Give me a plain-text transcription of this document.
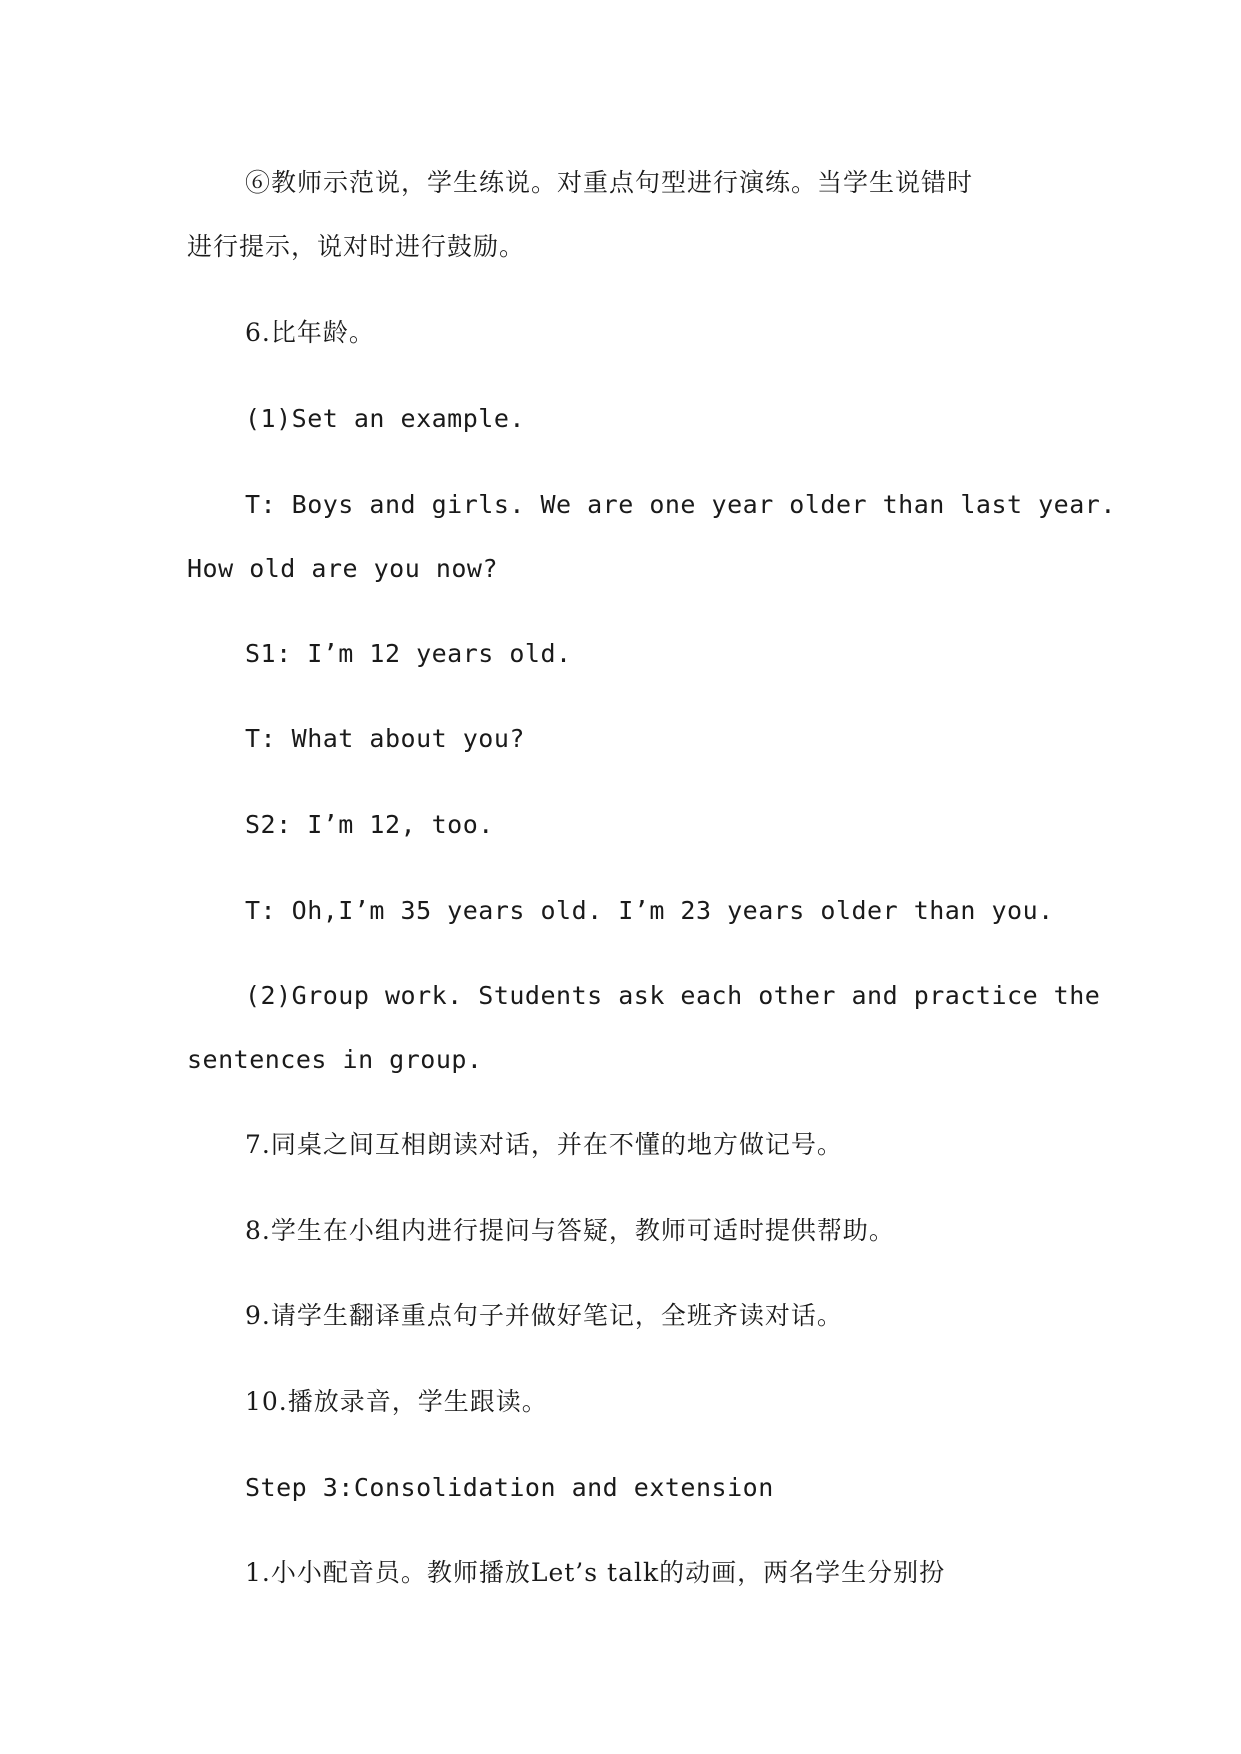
⑥教师示范说，学生练说。对重点句型进行演练。当学生说错时
进行提示，说对时进行鼓励。
6.比年龄。
(1)Set an example.
T: Boys and girls. We are one year older than last year.
How old are you now?
S1: I’m 12 years old.
T: What about you?
S2: I’m 12, too.
T: Oh,I’m 35 years old. I’m 23 years older than you.
(2)Group work. Students ask each other and practice the
sentences in group.
7.同桌之间互相朗读对话，并在不懂的地方做记号。
8.学生在小组内进行提问与答疑，教师可适时提供帮助。
9.请学生翻译重点句子并做好笔记，全班齐读对话。
10.播放录音，学生跟读。
Step 3:Consolidation and extension
1.小小配音员。教师播放Let’s talk的动画，两名学生分别扮
